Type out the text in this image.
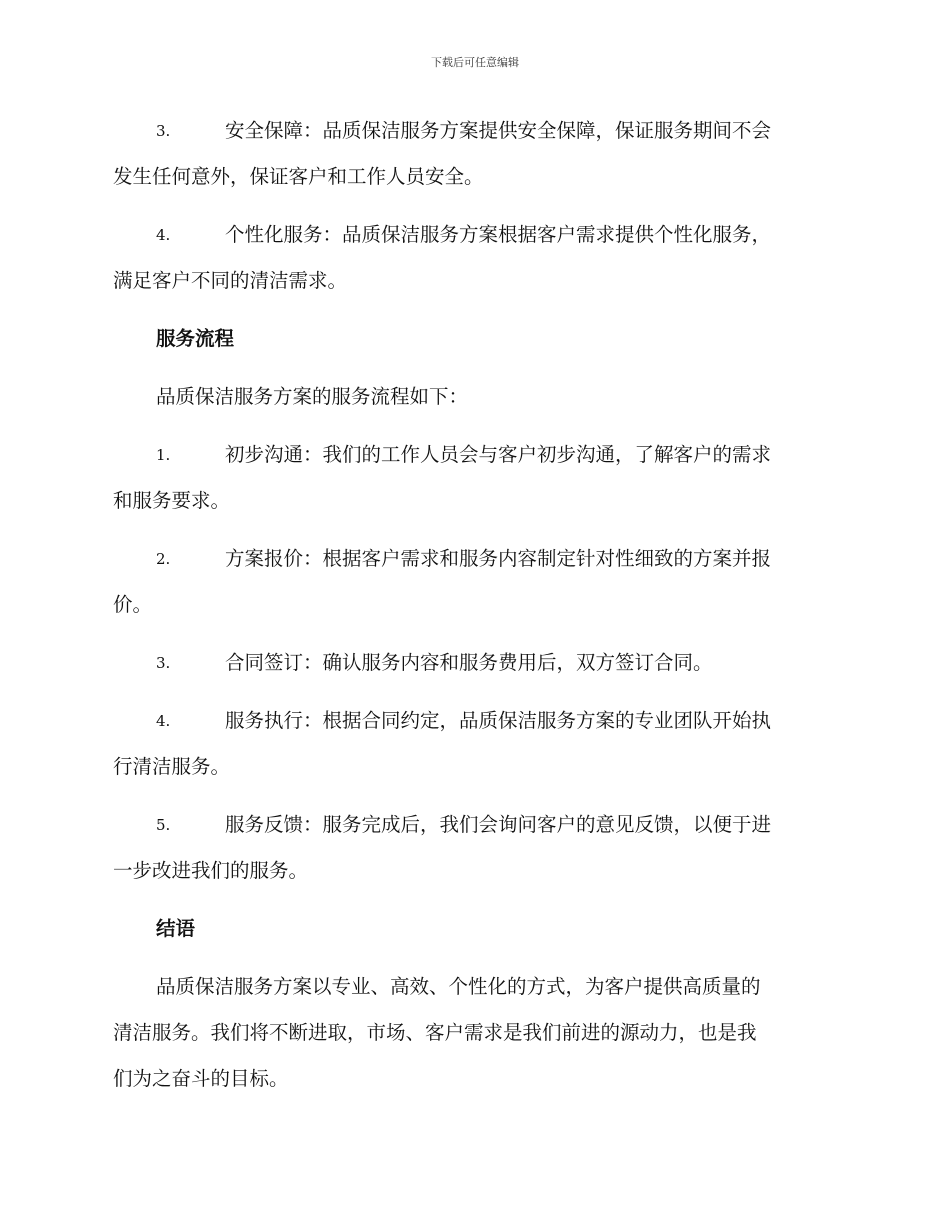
下载后可任意编辑
3.	安全保障：品质保洁服务方案提供安全保障，保证服务期间不会
发生任何意外，保证客户和工作人员安全。
4.	个性化服务：品质保洁服务方案根据客户需求提供个性化服务，
满足客户不同的清洁需求。
服务流程
品质保洁服务方案的服务流程如下：
1.	初步沟通：我们的工作人员会与客户初步沟通，了解客户的需求
和服务要求。
2.	方案报价：根据客户需求和服务内容制定针对性细致的方案并报
价。
3.	合同签订：确认服务内容和服务费用后，双方签订合同。
4.	服务执行：根据合同约定，品质保洁服务方案的专业团队开始执
行清洁服务。
5.	服务反馈：服务完成后，我们会询问客户的意见反馈，以便于进
一步改进我们的服务。
结语
品质保洁服务方案以专业、高效、个性化的方式，为客户提供高质量的
清洁服务。我们将不断进取，市场、客户需求是我们前进的源动力，也是我
们为之奋斗的目标。
